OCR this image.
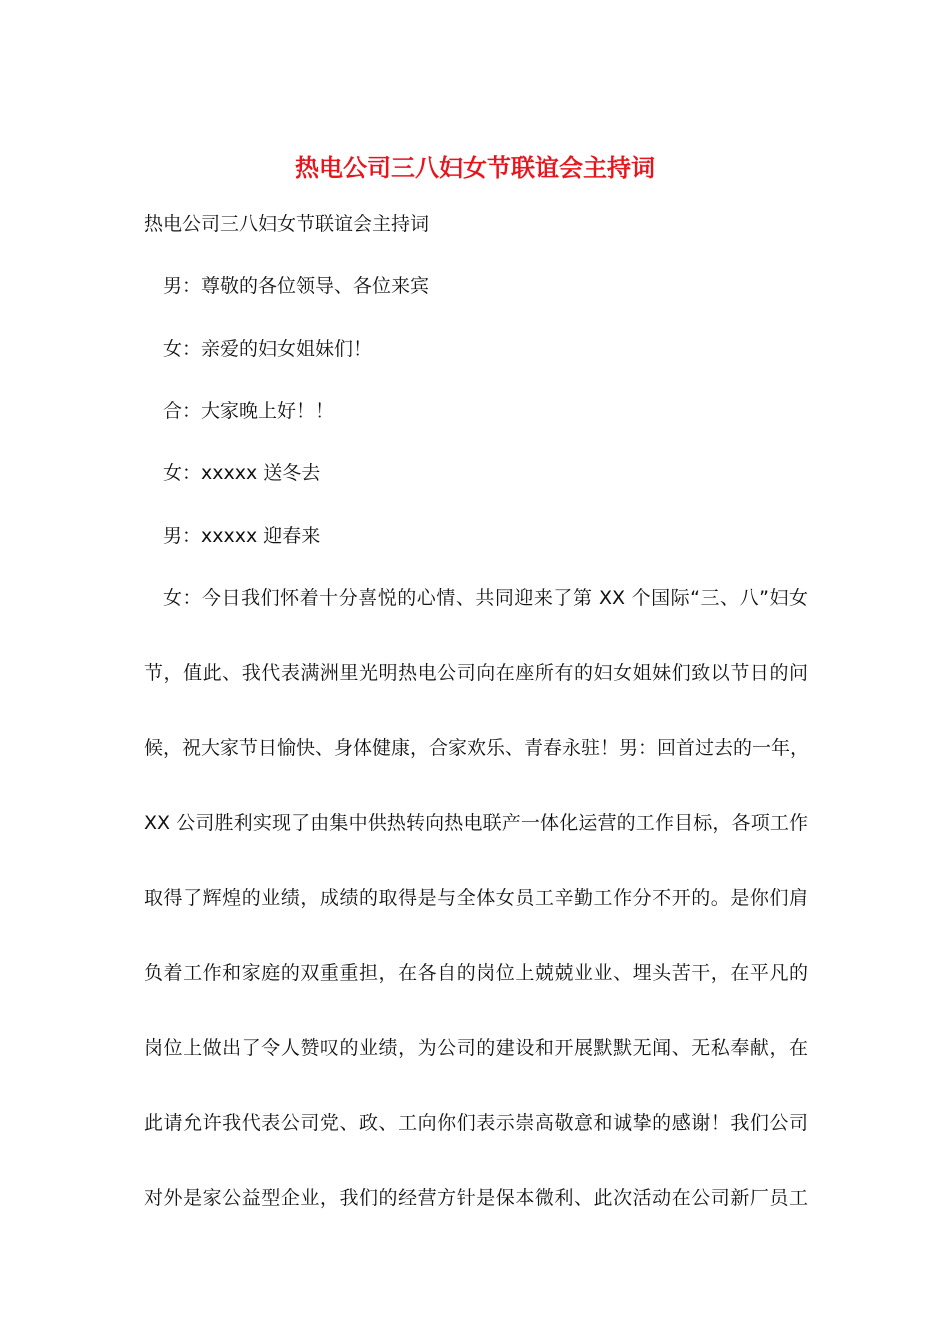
热电公司三八妇女节联谊会主持词
热电公司三八妇女节联谊会主持词
男：尊敬的各位领导、各位来宾
女：亲爱的妇女姐妹们！
合：大家晚上好！！
女：xxxxx 送冬去
男：xxxxx 迎春来
女：今日我们怀着十分喜悦的心情、共同迎来了第 XX 个国际“三、八”妇女
节，值此、我代表满洲里光明热电公司向在座所有的妇女姐妹们致以节日的问
候，祝大家节日愉快、身体健康，合家欢乐、青春永驻！男：回首过去的一年，
XX 公司胜利实现了由集中供热转向热电联产一体化运营的工作目标，各项工作
取得了辉煌的业绩，成绩的取得是与全体女员工辛勤工作分不开的。是你们肩
负着工作和家庭的双重重担，在各自的岗位上兢兢业业、埋头苦干，在平凡的
岗位上做出了令人赞叹的业绩，为公司的建设和开展默默无闻、无私奉献，在
此请允许我代表公司党、政、工向你们表示崇高敬意和诚挚的感谢！我们公司
对外是家公益型企业，我们的经营方针是保本微利、此次活动在公司新厂员工
